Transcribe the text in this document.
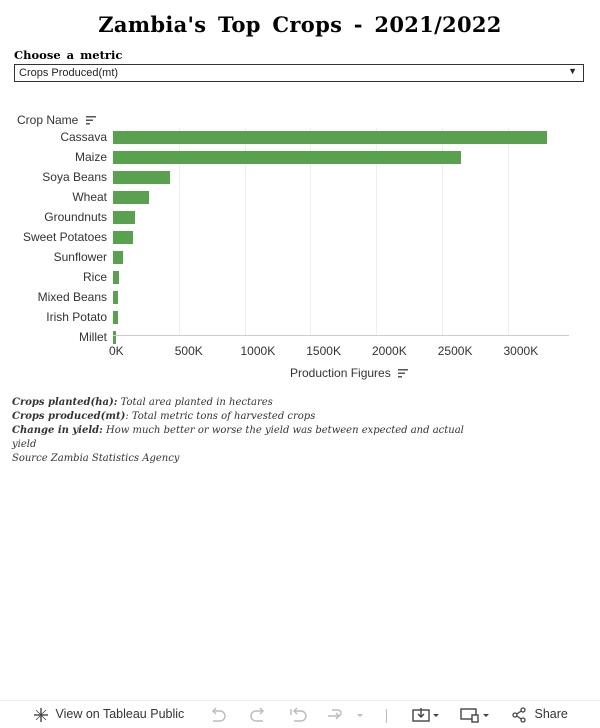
Zambia's Top Crops - 2021/2022
Choose a metric
Crops Produced(mt)	▼
Crop Name
Cassava
Maize
Soya Beans
Wheat
Groundnuts
Sweet Potatoes
Sunflower
Rice
Mixed Beans
Irish Potato
Millet
0K	500K	1000K	1500K	2000K	2500K	3000K
Production Figures
Crops planted(ha): Total area planted in hectares
Crops produced(mt): Total metric tons of harvested crops
Change in yield: How much better or worse the yield was between expected and actual yield
Source Zambia Statistics Agency
View on Tableau Public	Share
